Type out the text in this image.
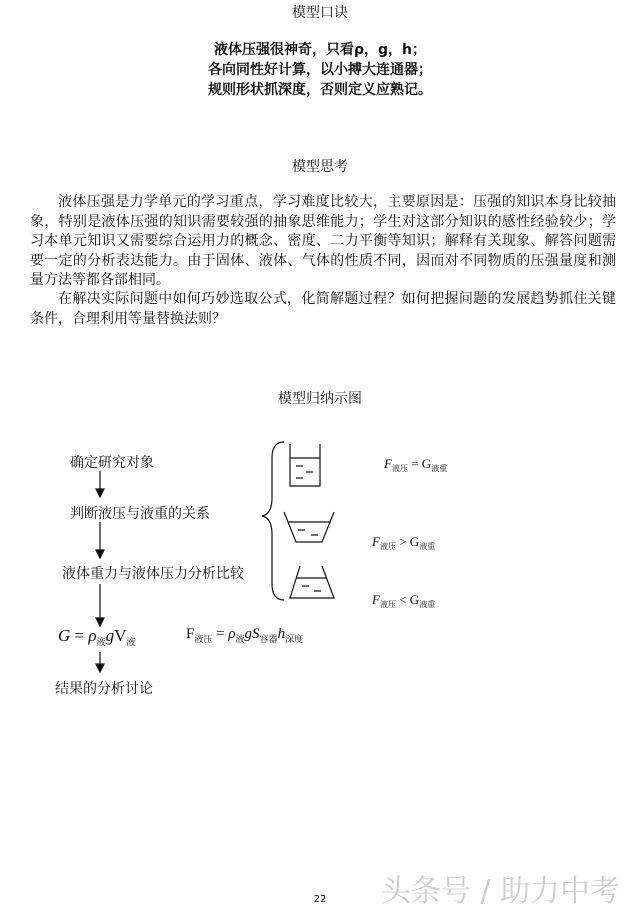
模型口诀
液体压强很神奇，只看ρ，g，h；
各向同性好计算，以小搏大连通器；
规则形状抓深度，否则定义应熟记。
模型思考
液体压强是力学单元的学习重点，学习难度比较大，主要原因是：压强的知识本身比较抽象，特别是液体压强的知识需要较强的抽象思维能力；学生对这部分知识的感性经验较少；学习本单元知识又需要综合运用力的概念、密度、二力平衡等知识；解释有关现象、解答问题需要一定的分析表达能力。由于固体、液体、气体的性质不同，因而对不同物质的压强量度和测量方法等都各部相同。
在解决实际问题中如何巧妙选取公式，化简解题过程？如何把握问题的发展趋势抓住关键条件，合理利用等量替换法则？
模型归纳示图
确定研究对象
判断液压与液重的关系
液体重力与液体压力分析比较
结果的分析讨论
$G = \rho_液gV_液$
$F_{液压} = \rho_液gS_{容器}h_{深度}$
$F_{液压} = G_{液重}$
$F_{液压} > G_{液重}$
$F_{液压} < G_{液重}$
头条号 / 助力中考
22
